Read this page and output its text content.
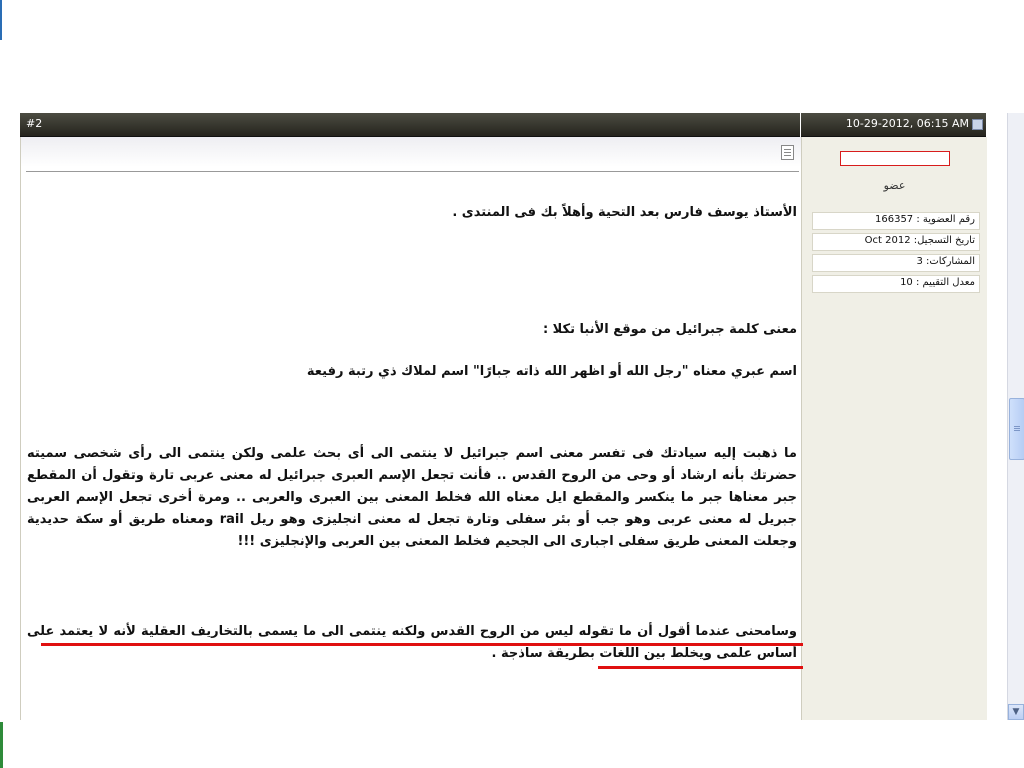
#2	10-29-2012, 06:15 AM
عضو
رقم العضوية : 166357
تاريخ التسجيل: Oct 2012
المشاركات: 3
معدل التقييم : 10

الأستاذ يوسف فارس بعد التحية وأهلاً بك فى المنتدى .

معنى كلمة جبرائيل من موقع الأنبا تكلا :

اسم عبري معناه "رجل الله أو اظهر الله ذاته جبارًا" اسم لملاك ذي رتبة رفيعة

ما ذهبت إليه سيادتك فى تفسر معنى اسم جبرائيل لا ينتمى الى أى بحث علمى ولكن ينتمى الى رأى شخصى سميته حضرتك بأنه ارشاد أو وحى من الروح القدس .. فأنت تجعل الإسم العبرى جبرائيل له معنى عربى تارة وتقول أن المقطع جبر معناها جبر ما ينكسر والمقطع ايل معناه الله فخلط المعنى بين العبرى والعربى .. ومرة أخرى تجعل الإسم العربى جبريل له معنى عربى وهو جب أو بئر سفلى وتارة تجعل له معنى انجليزى وهو ريل rail ومعناه طريق أو سكة حديدية وجعلت المعنى طريق سفلى اجبارى الى الجحيم فخلط المعنى بين العربى والإنجليزى !!!

وسامحنى عندما أقول أن ما تقوله ليس من الروح القدس ولكنه ينتمى الى ما يسمى بالتخاريف العقلية لأنه لا يعتمد على أساس علمى ويخلط بين اللغات بطريقة ساذجة .

▼
